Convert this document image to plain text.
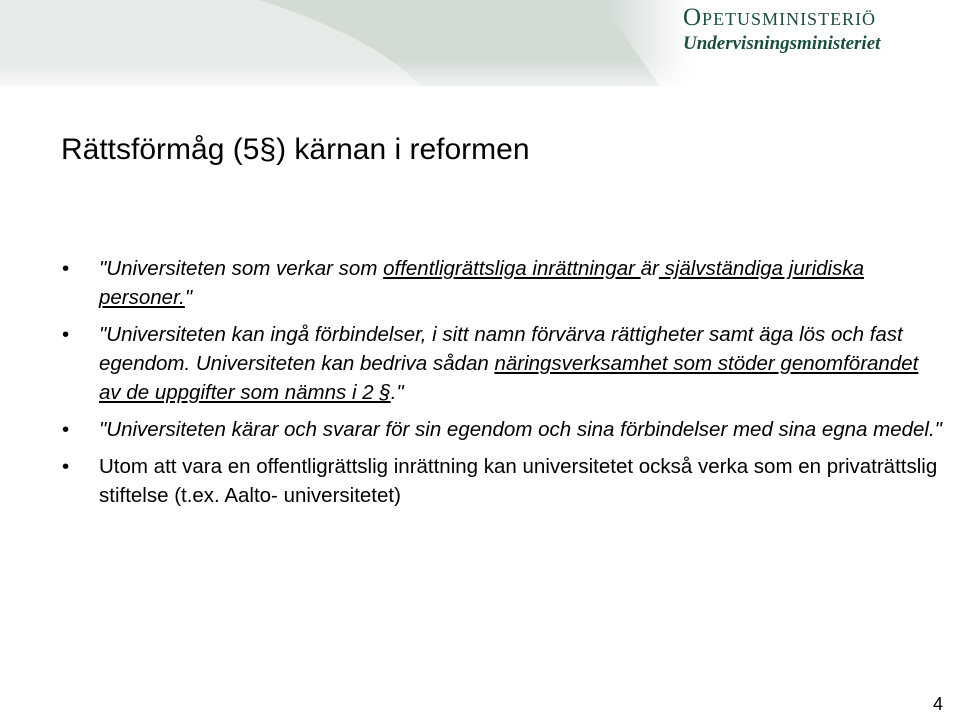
Opetusministeriö
Undervisningsministeriet
Rättsförmåg (5§) kärnan i reformen
• "Universiteten som verkar som offentligrättsliga inrättningar är självständiga juridiska personer."
• "Universiteten kan ingå förbindelser, i sitt namn förvärva rättigheter samt äga lös och fast egendom. Universiteten kan bedriva sådan näringsverksamhet som stöder genomförandet av de uppgifter som nämns i 2 §."
• "Universiteten kärar och svarar för sin egendom och sina förbindelser med sina egna medel."
• Utom att vara en offentligrättslig inrättning kan universitetet också verka som en privaträttslig stiftelse (t.ex. Aalto- universitetet)
4
